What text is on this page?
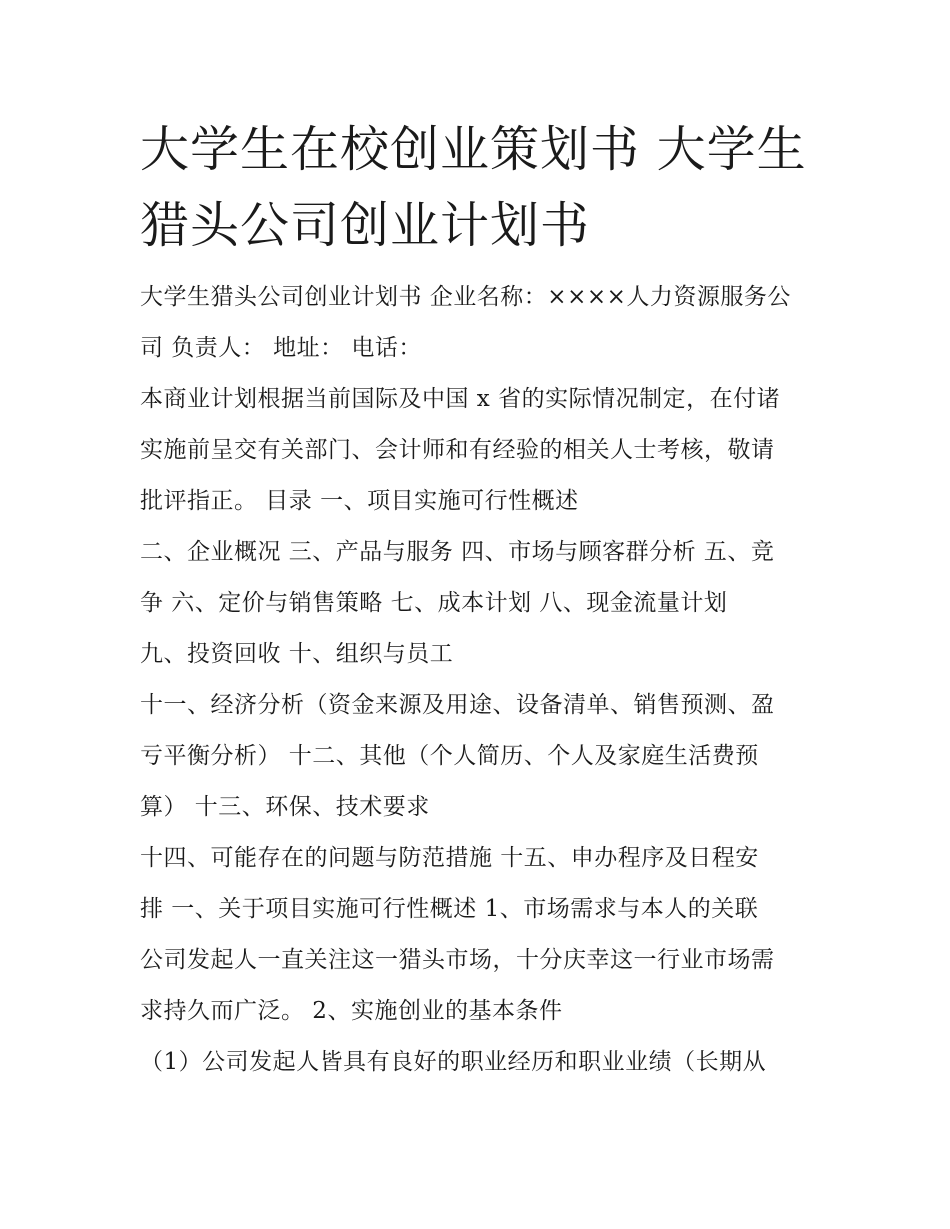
大学生在校创业策划书 大学生
猎头公司创业计划书

大学生猎头公司创业计划书 企业名称：××××人力资源服务公

司 负责人： 地址： 电话：

本商业计划根据当前国际及中国 x 省的实际情况制定，在付诸

实施前呈交有关部门、会计师和有经验的相关人士考核，敬请

批评指正。 目录 一、项目实施可行性概述

二、企业概况 三、产品与服务 四、市场与顾客群分析 五、竞

争 六、定价与销售策略 七、成本计划 八、现金流量计划

九、投资回收 十、组织与员工

十一、经济分析（资金来源及用途、设备清单、销售预测、盈

亏平衡分析） 十二、其他（个人简历、个人及家庭生活费预

算） 十三、环保、技术要求

十四、可能存在的问题与防范措施 十五、申办程序及日程安

排 一、关于项目实施可行性概述 1、市场需求与本人的关联

公司发起人一直关注这一猎头市场，十分庆幸这一行业市场需

求持久而广泛。 2、实施创业的基本条件

（1）公司发起人皆具有良好的职业经历和职业业绩（长期从
